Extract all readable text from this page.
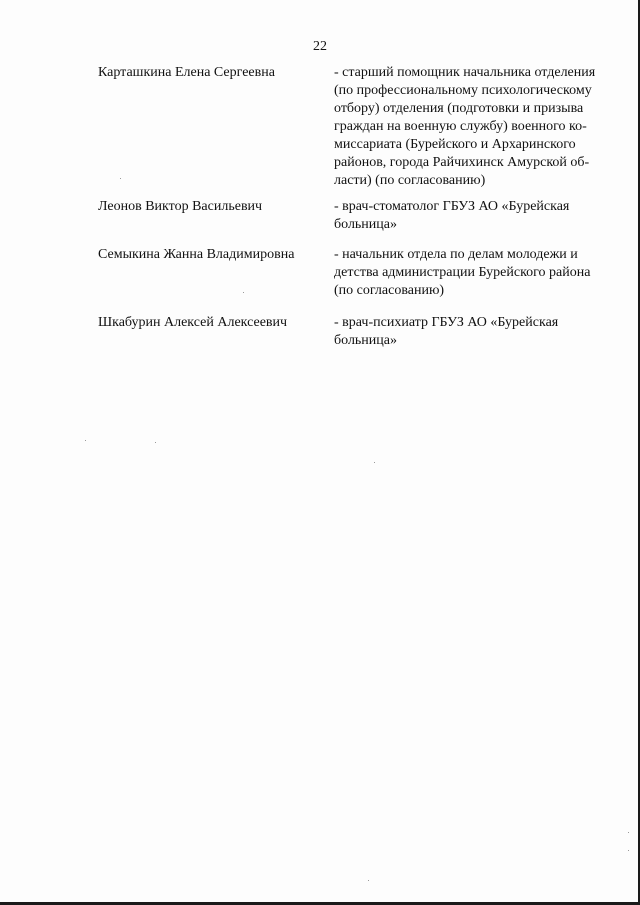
22
Карташкина Елена Сергеевна	- старший помощник начальника отделения
(по профессиональному психологическому
отбору) отделения (подготовки и призыва
граждан на военную службу) военного ко-
миссариата (Бурейского и Архаринского
районов, города Райчихинск Амурской об-
ласти) (по согласованию)
Леонов Виктор Васильевич	- врач-стоматолог ГБУЗ АО «Бурейская
больница»
Семыкина Жанна Владимировна	- начальник отдела по делам молодежи и
детства администрации Бурейского района
(по согласованию)
Шкабурин Алексей Алексеевич	- врач-психиатр ГБУЗ АО «Бурейская
больница»
